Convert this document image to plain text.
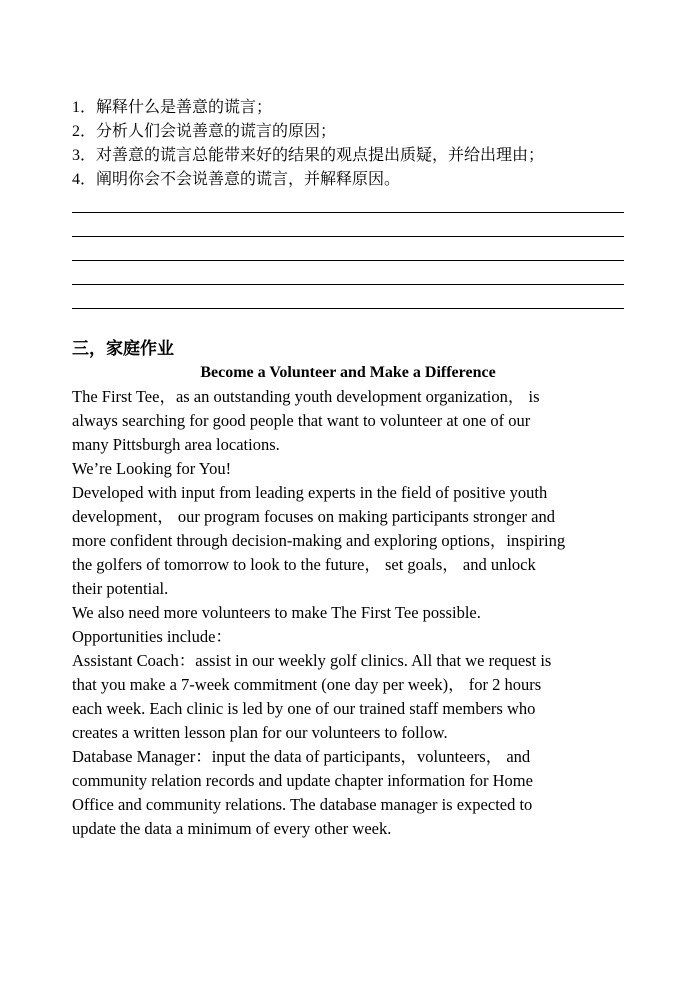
1．解释什么是善意的谎言；
2．分析人们会说善意的谎言的原因；
3．对善意的谎言总能带来好的结果的观点提出质疑，并给出理由；
4．阐明你会不会说善意的谎言，并解释原因。
三，家庭作业
Become a Volunteer and Make a Difference
The First Tee，as an outstanding youth development organization， is
always searching for good people that want to volunteer at one of our
many Pittsburgh area locations.
We’re Looking for You!
Developed with input from leading experts in the field of positive youth
development， our program focuses on making participants stronger and
more confident through decision-making and exploring options，inspiring
the golfers of tomorrow to look to the future， set goals， and unlock
their potential.
We also need more volunteers to make The First Tee possible.
Opportunities include：
Assistant Coach：assist in our weekly golf clinics. All that we request is
that you make a 7-week commitment (one day per week)， for 2 hours
each week. Each clinic is led by one of our trained staff members who
creates a written lesson plan for our volunteers to follow.
Database Manager：input the data of participants，volunteers， and
community relation records and update chapter information for Home
Office and community relations. The database manager is expected to
update the data a minimum of every other week.
